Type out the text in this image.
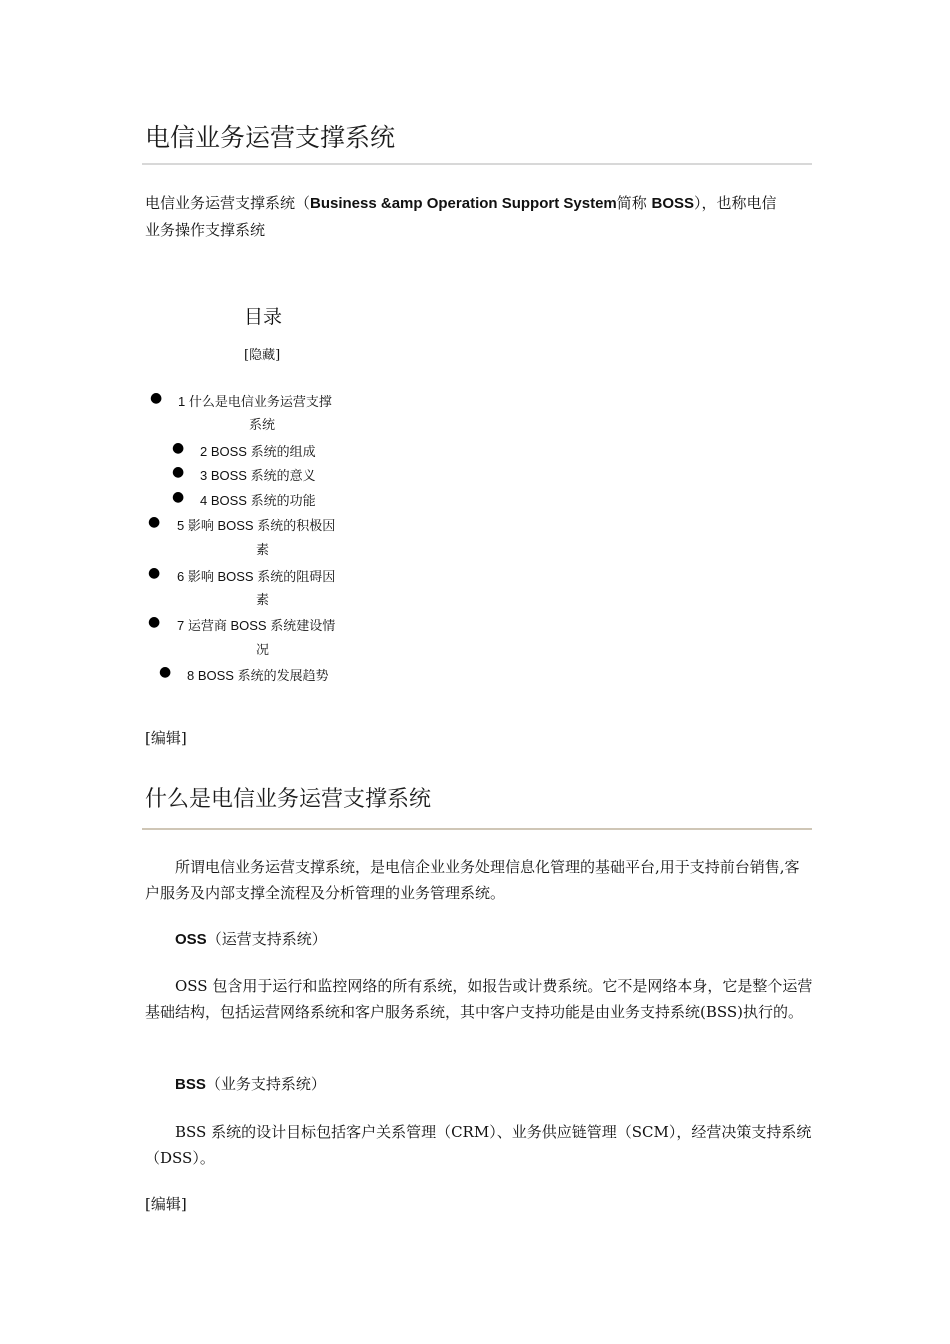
电信业务运营支撑系统
电信业务运营支撑系统（Business &amp Operation Support System简称 BOSS），也称电信
业务操作支撑系统
目录
[隐藏]
● 1 什么是电信业务运营支撑
系统
● 2 BOSS 系统的组成
● 3 BOSS 系统的意义
● 4 BOSS 系统的功能
● 5 影响 BOSS 系统的积极因
素
● 6 影响 BOSS 系统的阻碍因
素
● 7 运营商 BOSS 系统建设情
况
● 8 BOSS 系统的发展趋势
[编辑]
什么是电信业务运营支撑系统
所谓电信业务运营支撑系统，是电信企业业务处理信息化管理的基础平台,用于支持前台销售,客户服务及内部支撑全流程及分析管理的业务管理系统。
OSS（运营支持系统）
OSS 包含用于运行和监控网络的所有系统，如报告或计费系统。它不是网络本身，它是整个运营基础结构，包括运营网络系统和客户服务系统，其中客户支持功能是由业务支持系统(BSS)执行的。
BSS（业务支持系统）
BSS 系统的设计目标包括客户关系管理（CRM）、业务供应链管理（SCM），经营决策支持系统（DSS）。
[编辑]
